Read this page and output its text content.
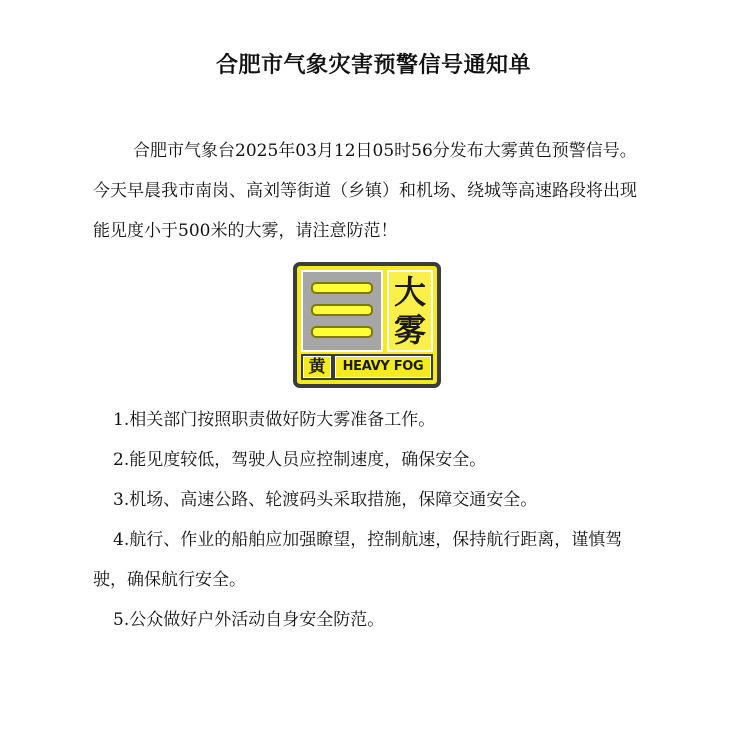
合肥市气象灾害预警信号通知单

合肥市气象台2025年03月12日05时56分发布大雾黄色预警信号。今天早晨我市南岗、高刘等街道（乡镇）和机场、绕城等高速路段将出现能见度小于500米的大雾，请注意防范！

大
雾
黄	HEAVY FOG
1.相关部门按照职责做好防大雾准备工作。
2.能见度较低，驾驶人员应控制速度，确保安全。
3.机场、高速公路、轮渡码头采取措施，保障交通安全。
4.航行、作业的船舶应加强瞭望，控制航速，保持航行距离，谨慎驾驶，确保航行安全。
5.公众做好户外活动自身安全防范。
